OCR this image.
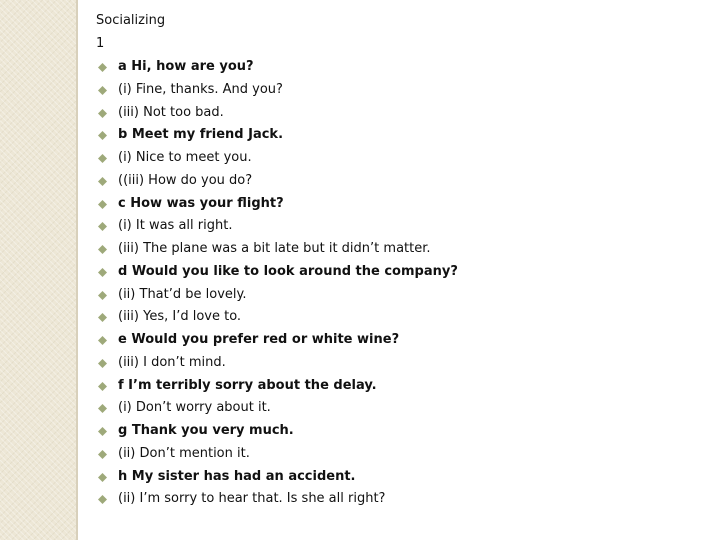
Socializing
1
a Hi, how are you?
(i) Fine, thanks. And you?
(iii) Not too bad.
b Meet my friend Jack.
(i) Nice to meet you.
((iii) How do you do?
c How was your flight?
(i) It was all right.
(iii) The plane was a bit late but it didn’t matter.
d Would you like to look around the company?
(ii) That’d be lovely.
(iii) Yes, I’d love to.
e Would you prefer red or white wine?
(iii) I don’t mind.
f I’m terribly sorry about the delay.
(i) Don’t worry about it.
g Thank you very much.
(ii) Don’t mention it.
h My sister has had an accident.
(ii) I’m sorry to hear that. Is she all right?
